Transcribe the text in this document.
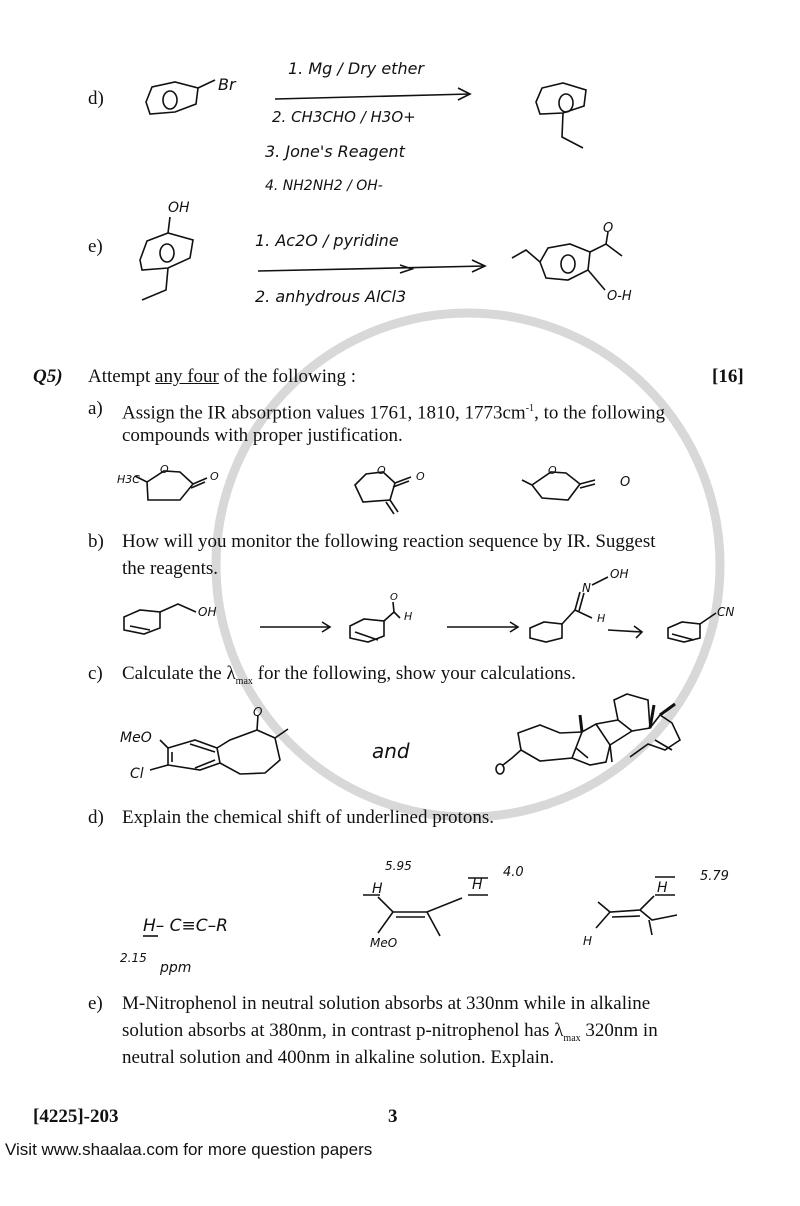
d)
e)
Br
1. Mg / Dry ether
2. CH3CHO / H3O+
3. Jone's Reagent
4. NH2NH2 / OH-
OH
1. Ac2O / pyridine
2. anhydrous AlCl3
O
O-H
H3C
O
O	O	O	O
O
OH
O
H
N
OH
H	CN
MeO
Cl
O
and
H– C≡C–R
2.15
ppm
5.95
H	H
4.0
MeO
H
5.79
H
Q5) Attempt any four of the following :	[16]
a) Assign the IR absorption values 1761, 1810, $1773cm^{-1}$, to the following
compounds with proper justification.
b) How will you monitor the following reaction sequence by IR. Suggest
the reagents.
c) Calculate the $\lambda_{max}$ for the following, show your calculations.
d) Explain the chemical shift of underlined protons.
e) M-Nitrophenol in neutral solution absorbs at 330nm while in alkaline
solution absorbs at 380nm, in contrast p-nitrophenol has $\lambda_{max}$ 320nm in
neutral solution and 400nm in alkaline solution. Explain.
[4225]-203	3
Visit www.shaalaa.com for more question papers
